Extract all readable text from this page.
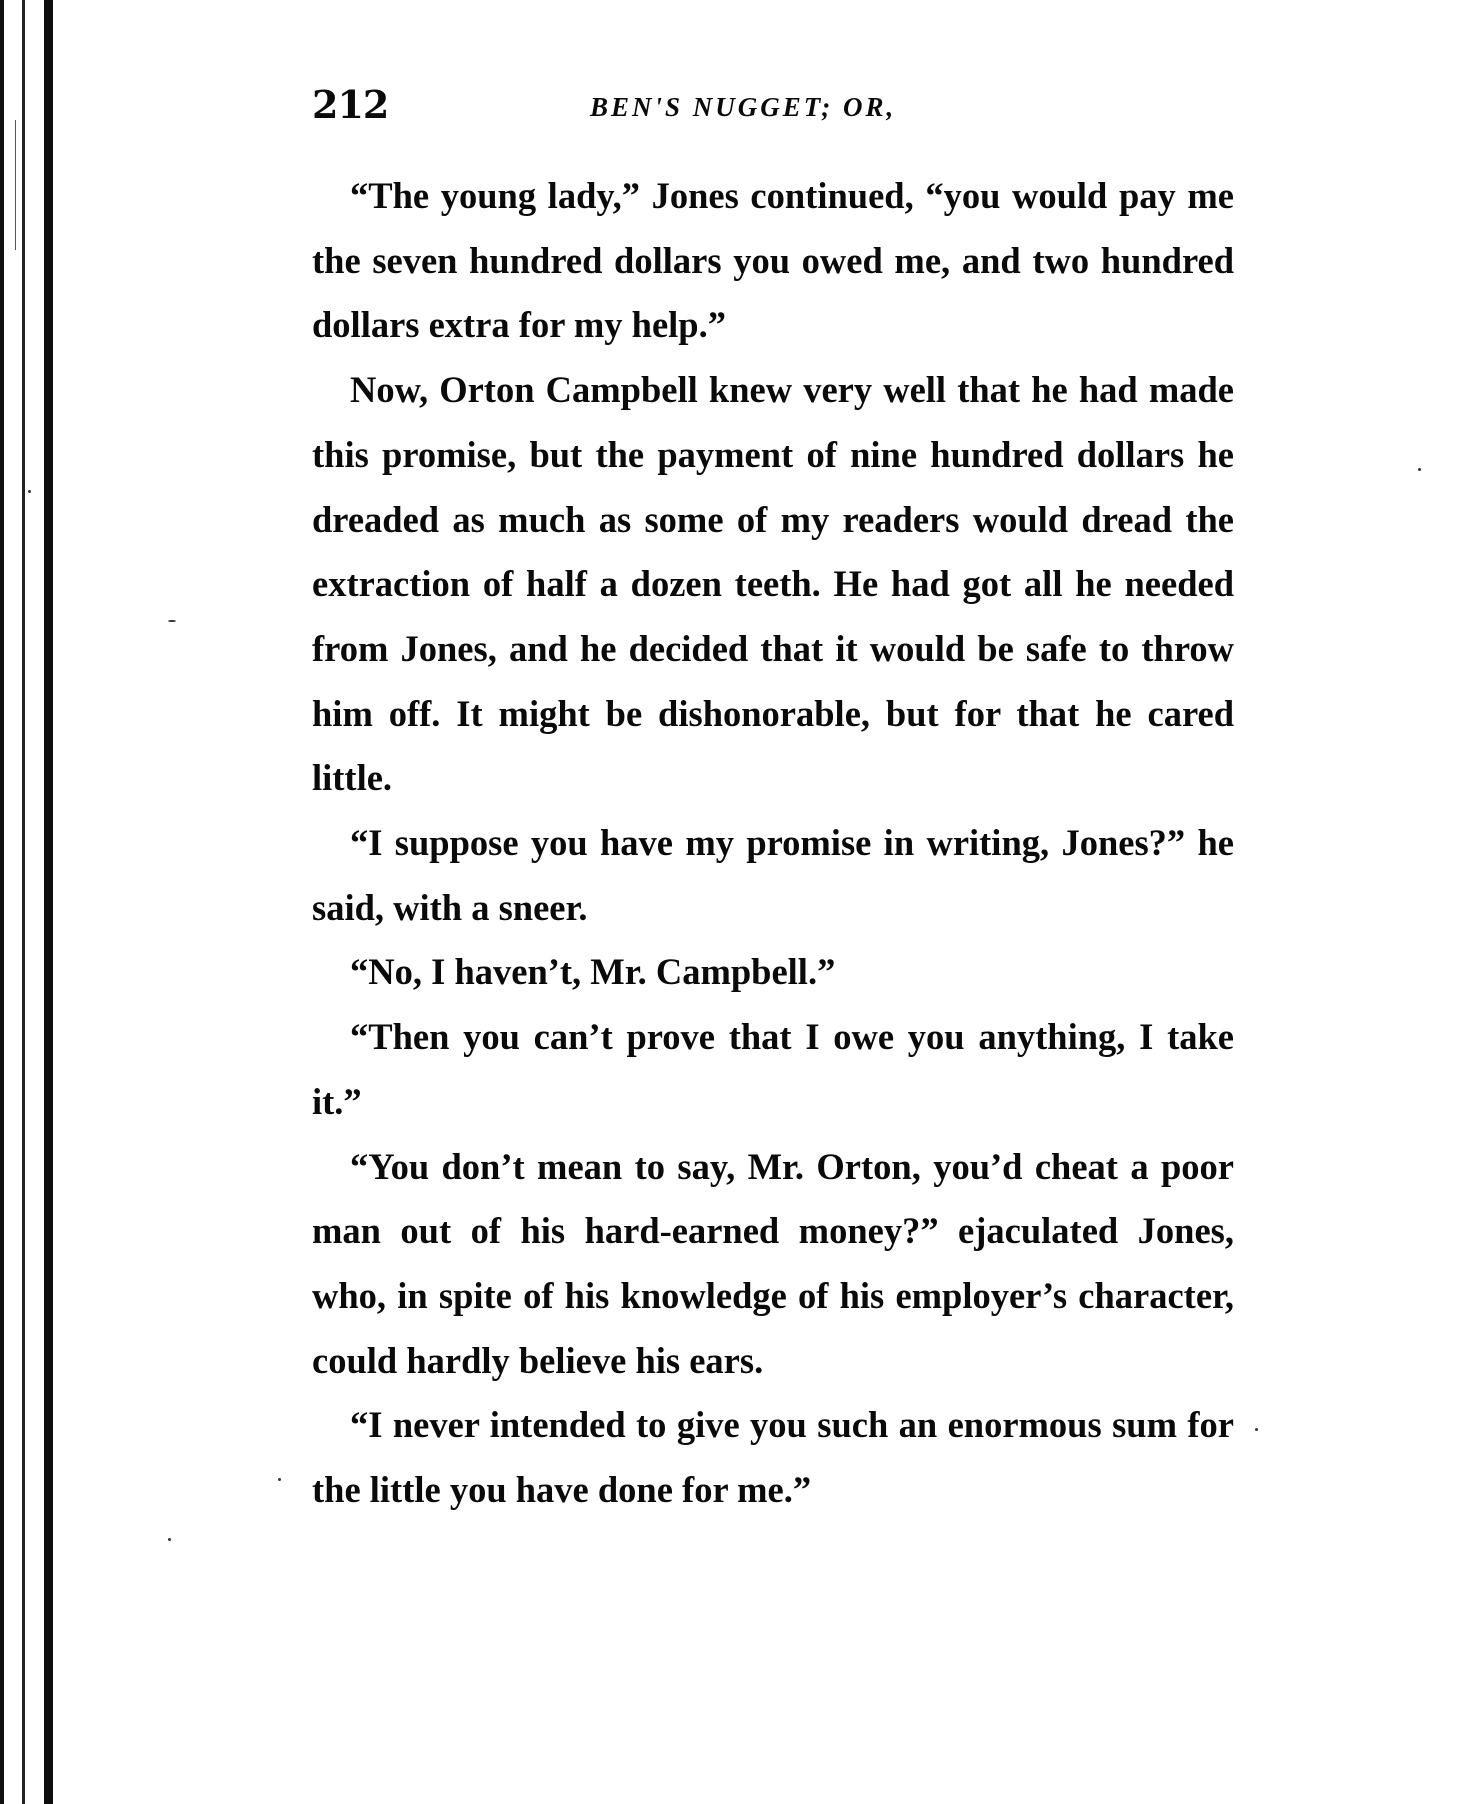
212	BEN'S NUGGET; OR,

“The young lady,” Jones continued, “you would pay me the seven hundred dollars you owed me, and two hundred dollars extra for my help.”

Now, Orton Campbell knew very well that he had made this promise, but the payment of nine hundred dollars he dreaded as much as some of my readers would dread the extraction of half a dozen teeth. He had got all he needed from Jones, and he decided that it would be safe to throw him off. It might be dishonorable, but for that he cared little.

“I suppose you have my promise in writing, Jones?” he said, with a sneer.

“No, I haven’t, Mr. Campbell.”

“Then you can’t prove that I owe you anything, I take it.”

“You don’t mean to say, Mr. Orton, you’d cheat a poor man out of his hard-earned money?” ejaculated Jones, who, in spite of his knowledge of his employer’s character, could hardly believe his ears.

“I never intended to give you such an enormous sum for the little you have done for me.”
